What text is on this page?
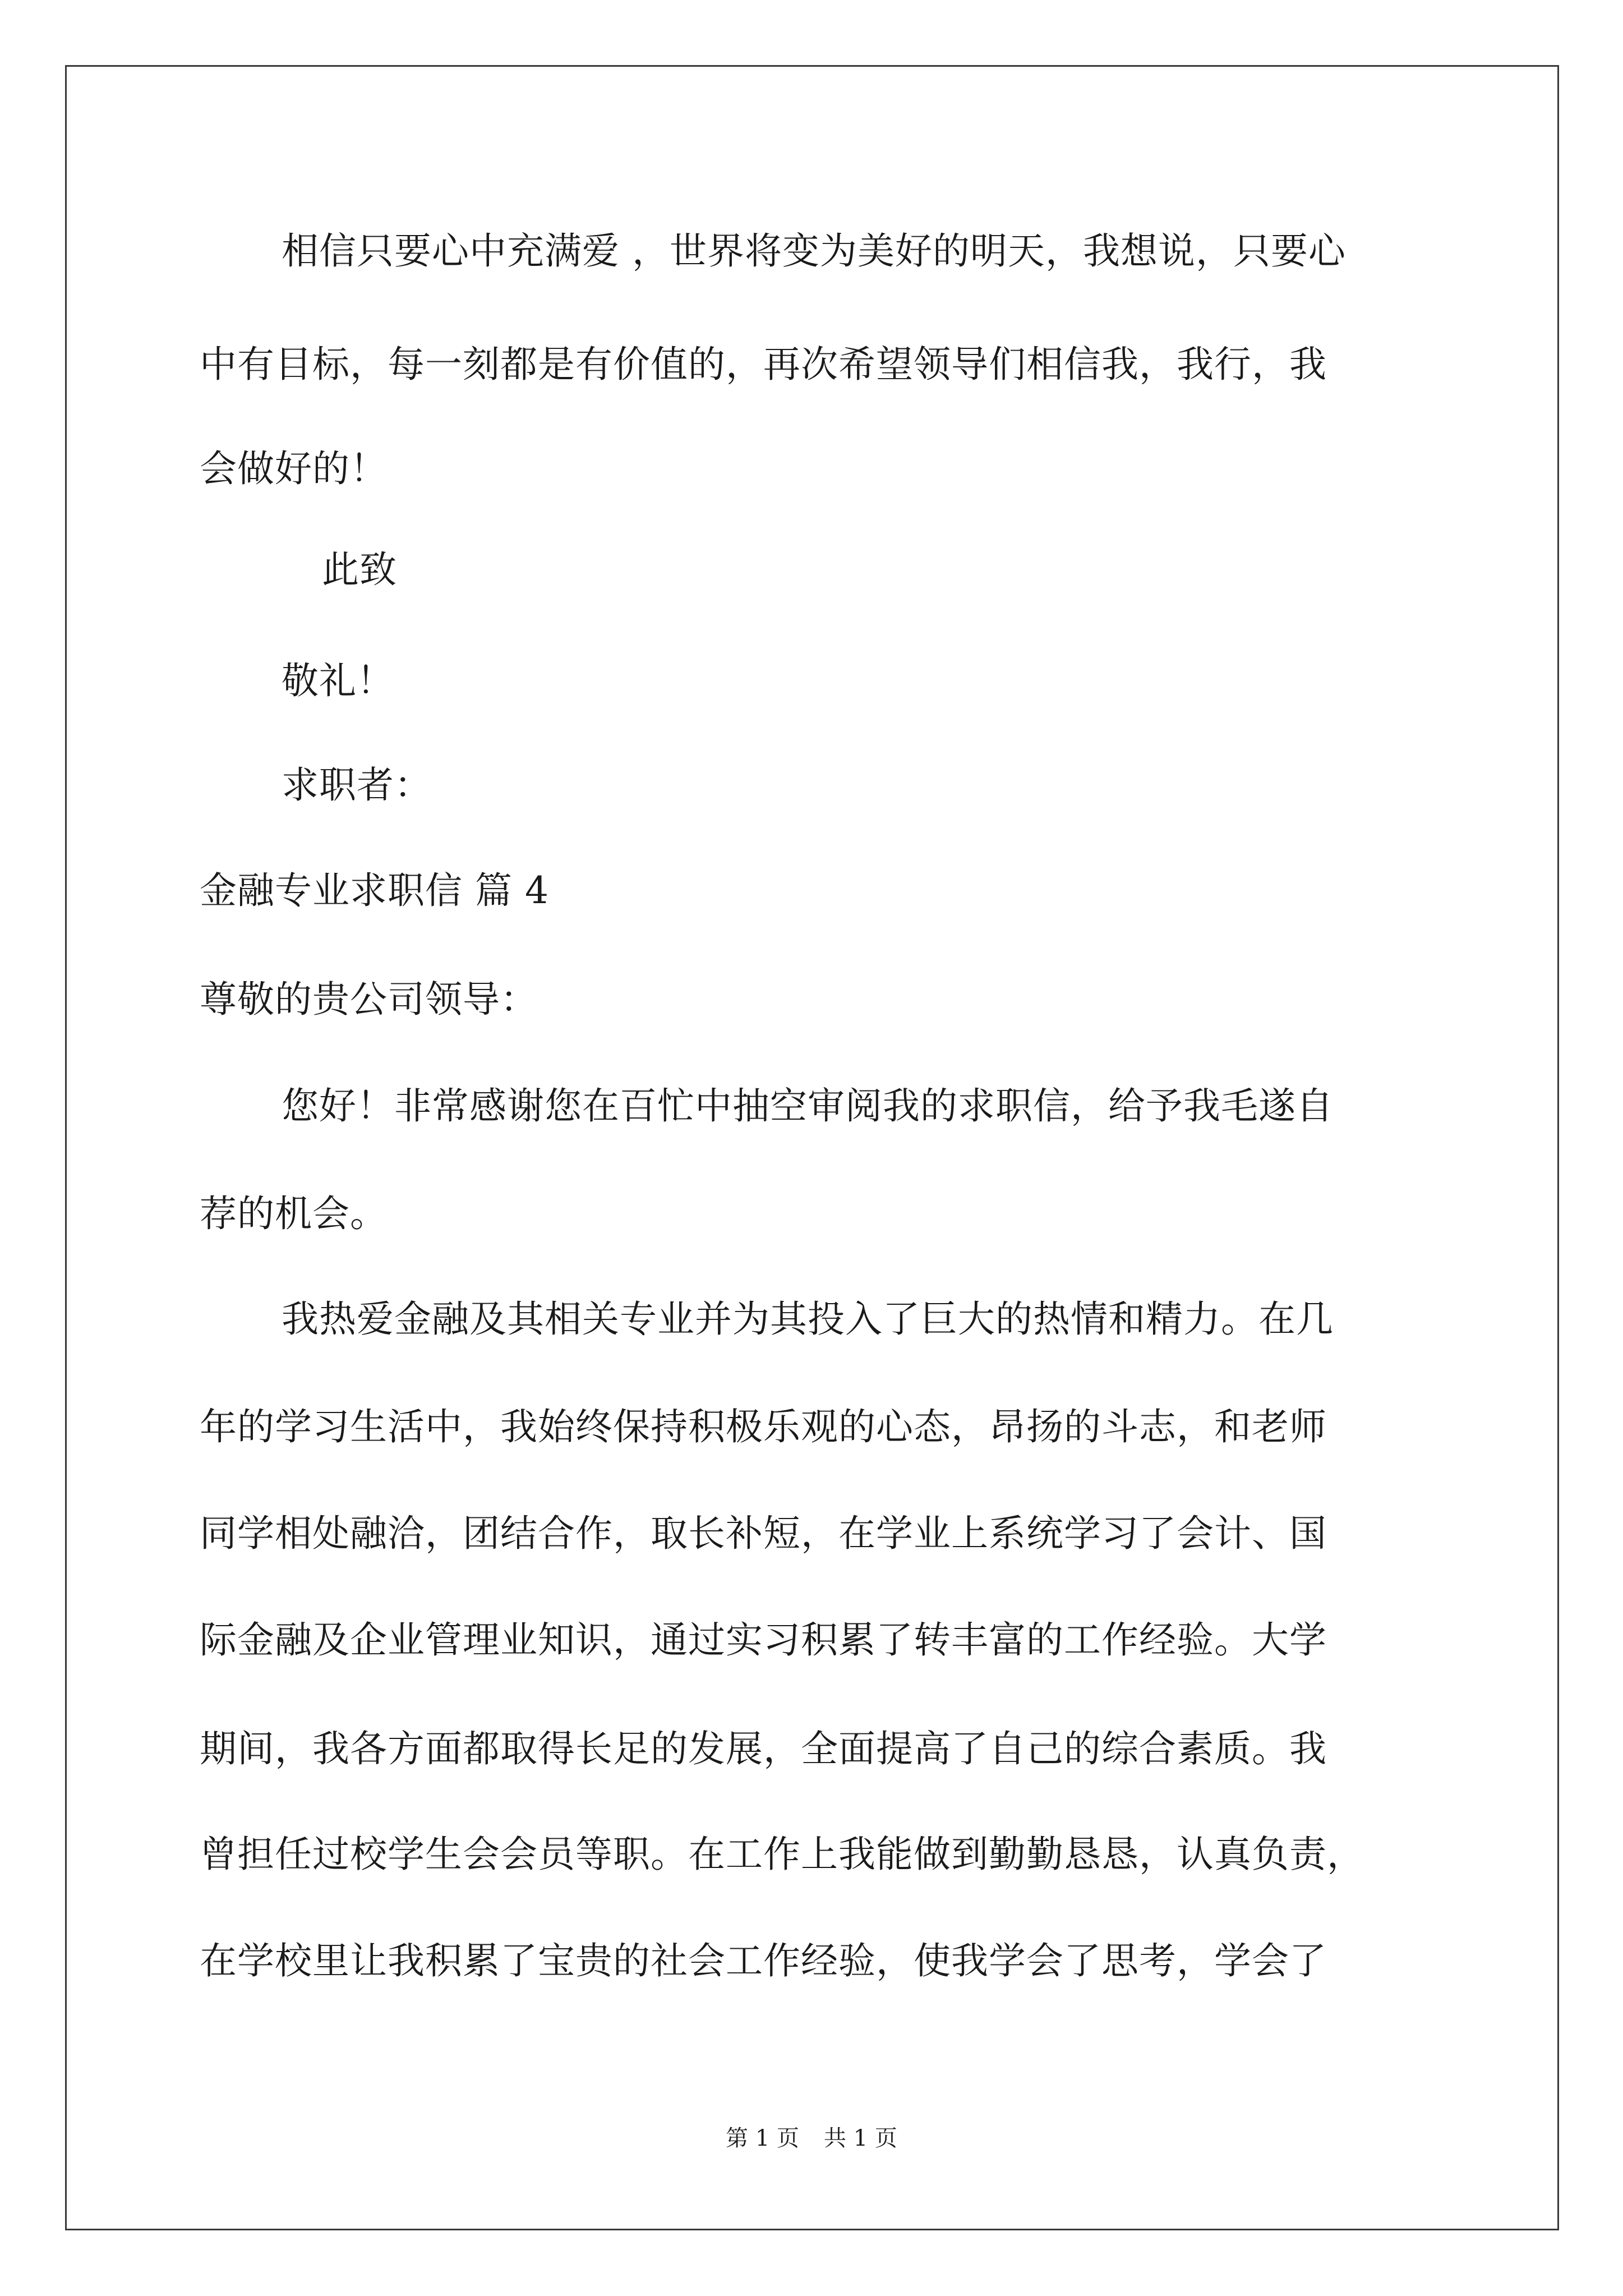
相信只要心中充满爱 ，世界将变为美好的明天，我想说，只要心
中有目标，每一刻都是有价值的，再次希望领导们相信我，我行，我
会做好的！
此致
敬礼！
求职者：
金融专业求职信 篇 4
尊敬的贵公司领导：
您好！非常感谢您在百忙中抽空审阅我的求职信，给予我毛遂自
荐的机会。
我热爱金融及其相关专业并为其投入了巨大的热情和精力。在几
年的学习生活中，我始终保持积极乐观的心态，昂扬的斗志，和老师
同学相处融洽，团结合作，取长补短，在学业上系统学习了会计、国
际金融及企业管理业知识，通过实习积累了转丰富的工作经验。大学
期间，我各方面都取得长足的发展，全面提高了自己的综合素质。我
曾担任过校学生会会员等职。在工作上我能做到勤勤恳恳，认真负责，
在学校里让我积累了宝贵的社会工作经验，使我学会了思考，学会了
第 1 页 共 1 页
